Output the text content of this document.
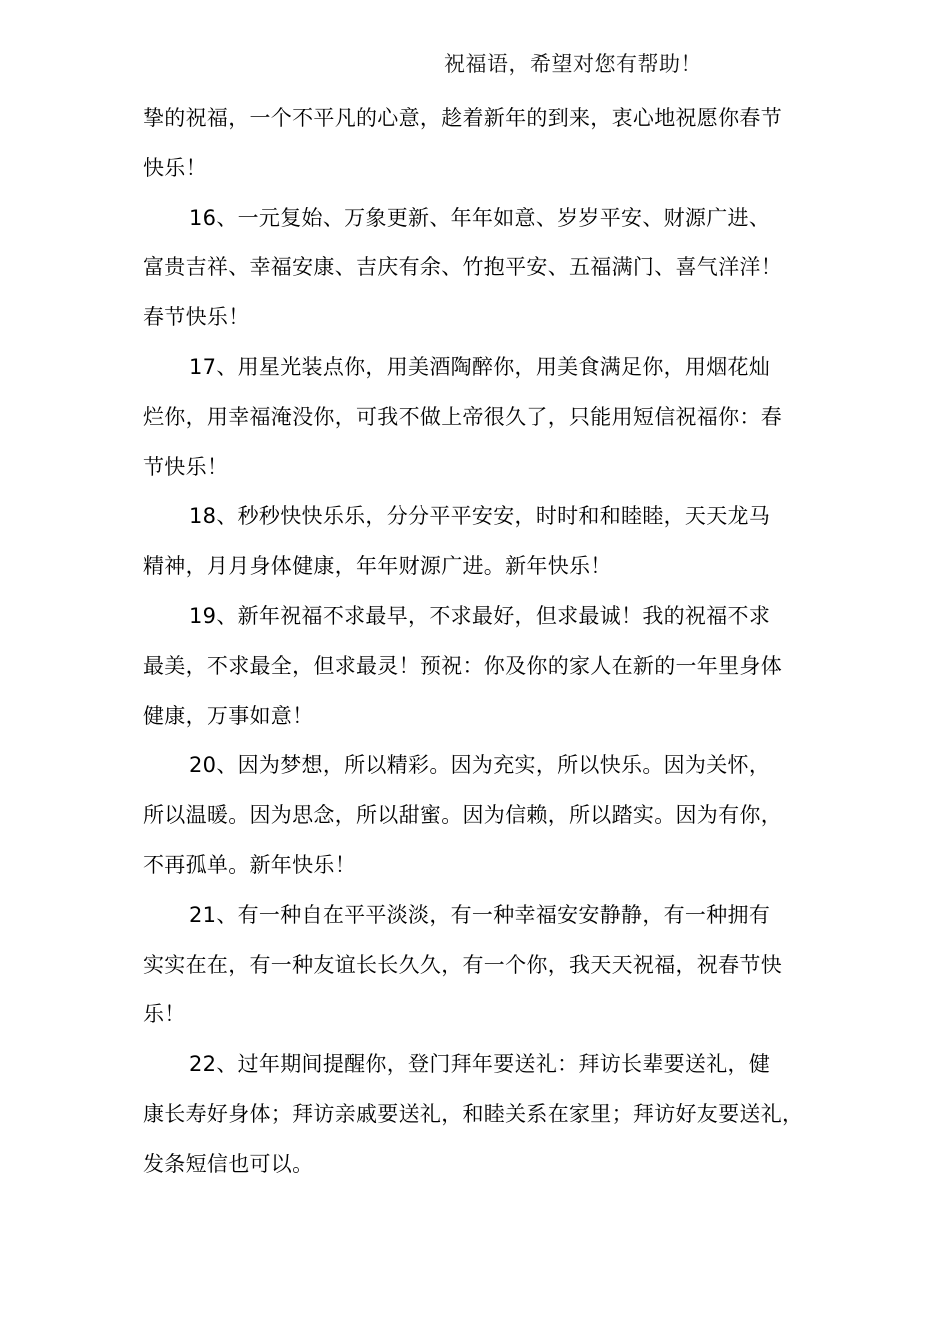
祝福语，希望对您有帮助！
挚的祝福，一个不平凡的心意，趁着新年的到来，衷心地祝愿你春节
快乐！
16、一元复始、万象更新、年年如意、岁岁平安、财源广进、
富贵吉祥、幸福安康、吉庆有余、竹抱平安、五福满门、喜气洋洋！
春节快乐！
17、用星光装点你，用美酒陶醉你，用美食满足你，用烟花灿
烂你，用幸福淹没你，可我不做上帝很久了，只能用短信祝福你：春
节快乐！
18、秒秒快快乐乐，分分平平安安，时时和和睦睦，天天龙马
精神，月月身体健康，年年财源广进。新年快乐！
19、新年祝福不求最早，不求最好，但求最诚！我的祝福不求
最美，不求最全，但求最灵！预祝：你及你的家人在新的一年里身体
健康，万事如意！
20、因为梦想，所以精彩。因为充实，所以快乐。因为关怀，
所以温暖。因为思念，所以甜蜜。因为信赖，所以踏实。因为有你，
不再孤单。新年快乐！
21、有一种自在平平淡淡，有一种幸福安安静静，有一种拥有
实实在在，有一种友谊长长久久，有一个你，我天天祝福，祝春节快
乐！
22、过年期间提醒你，登门拜年要送礼：拜访长辈要送礼，健
康长寿好身体；拜访亲戚要送礼，和睦关系在家里；拜访好友要送礼，
发条短信也可以。
